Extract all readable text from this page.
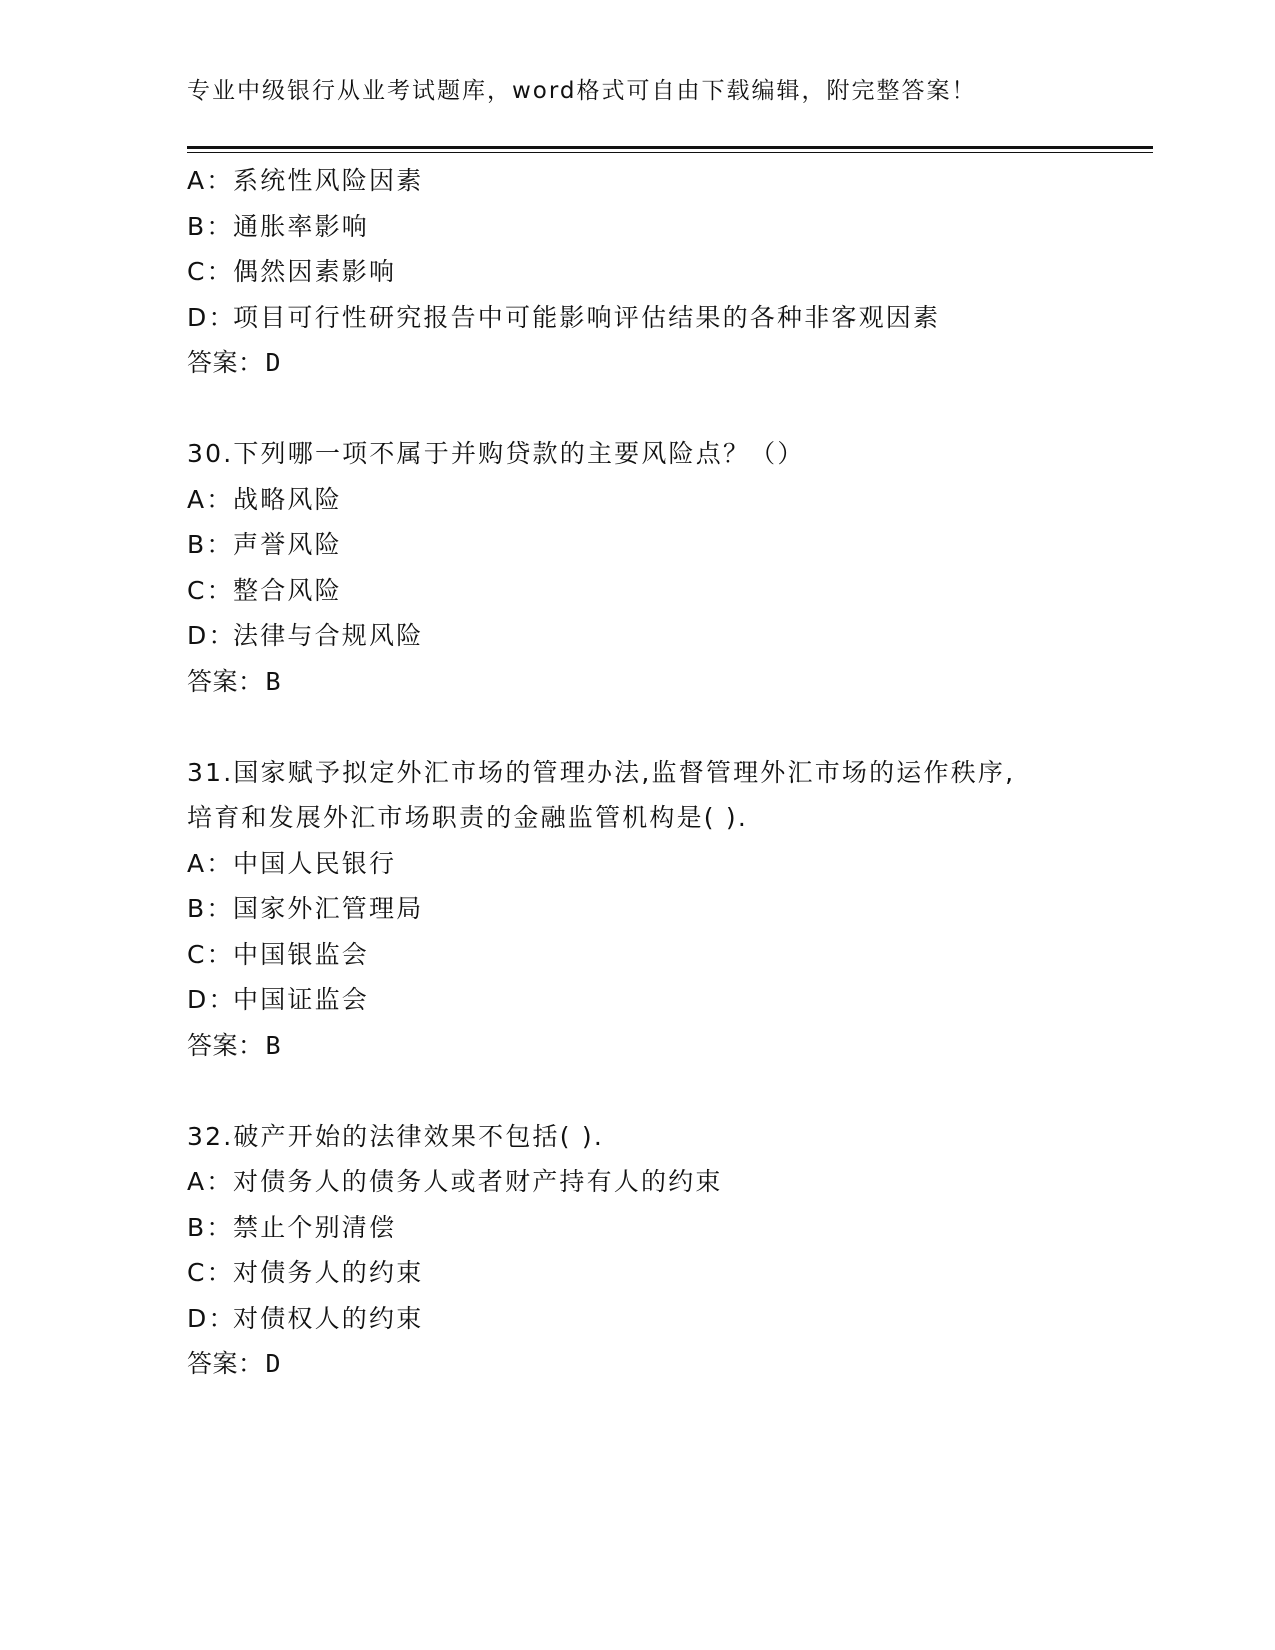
专业中级银行从业考试题库，word格式可自由下载编辑，附完整答案！
A：系统性风险因素
B：通胀率影响
C：偶然因素影响
D：项目可行性研究报告中可能影响评估结果的各种非客观因素
答案：D
30.下列哪一项不属于并购贷款的主要风险点？（）
A：战略风险
B：声誉风险
C：整合风险
D：法律与合规风险
答案：B
31.国家赋予拟定外汇市场的管理办法,监督管理外汇市场的运作秩序,
培育和发展外汇市场职责的金融监管机构是( ).
A：中国人民银行
B：国家外汇管理局
C：中国银监会
D：中国证监会
答案：B
32.破产开始的法律效果不包括( ).
A：对债务人的债务人或者财产持有人的约束
B：禁止个别清偿
C：对债务人的约束
D：对债权人的约束
答案：D
